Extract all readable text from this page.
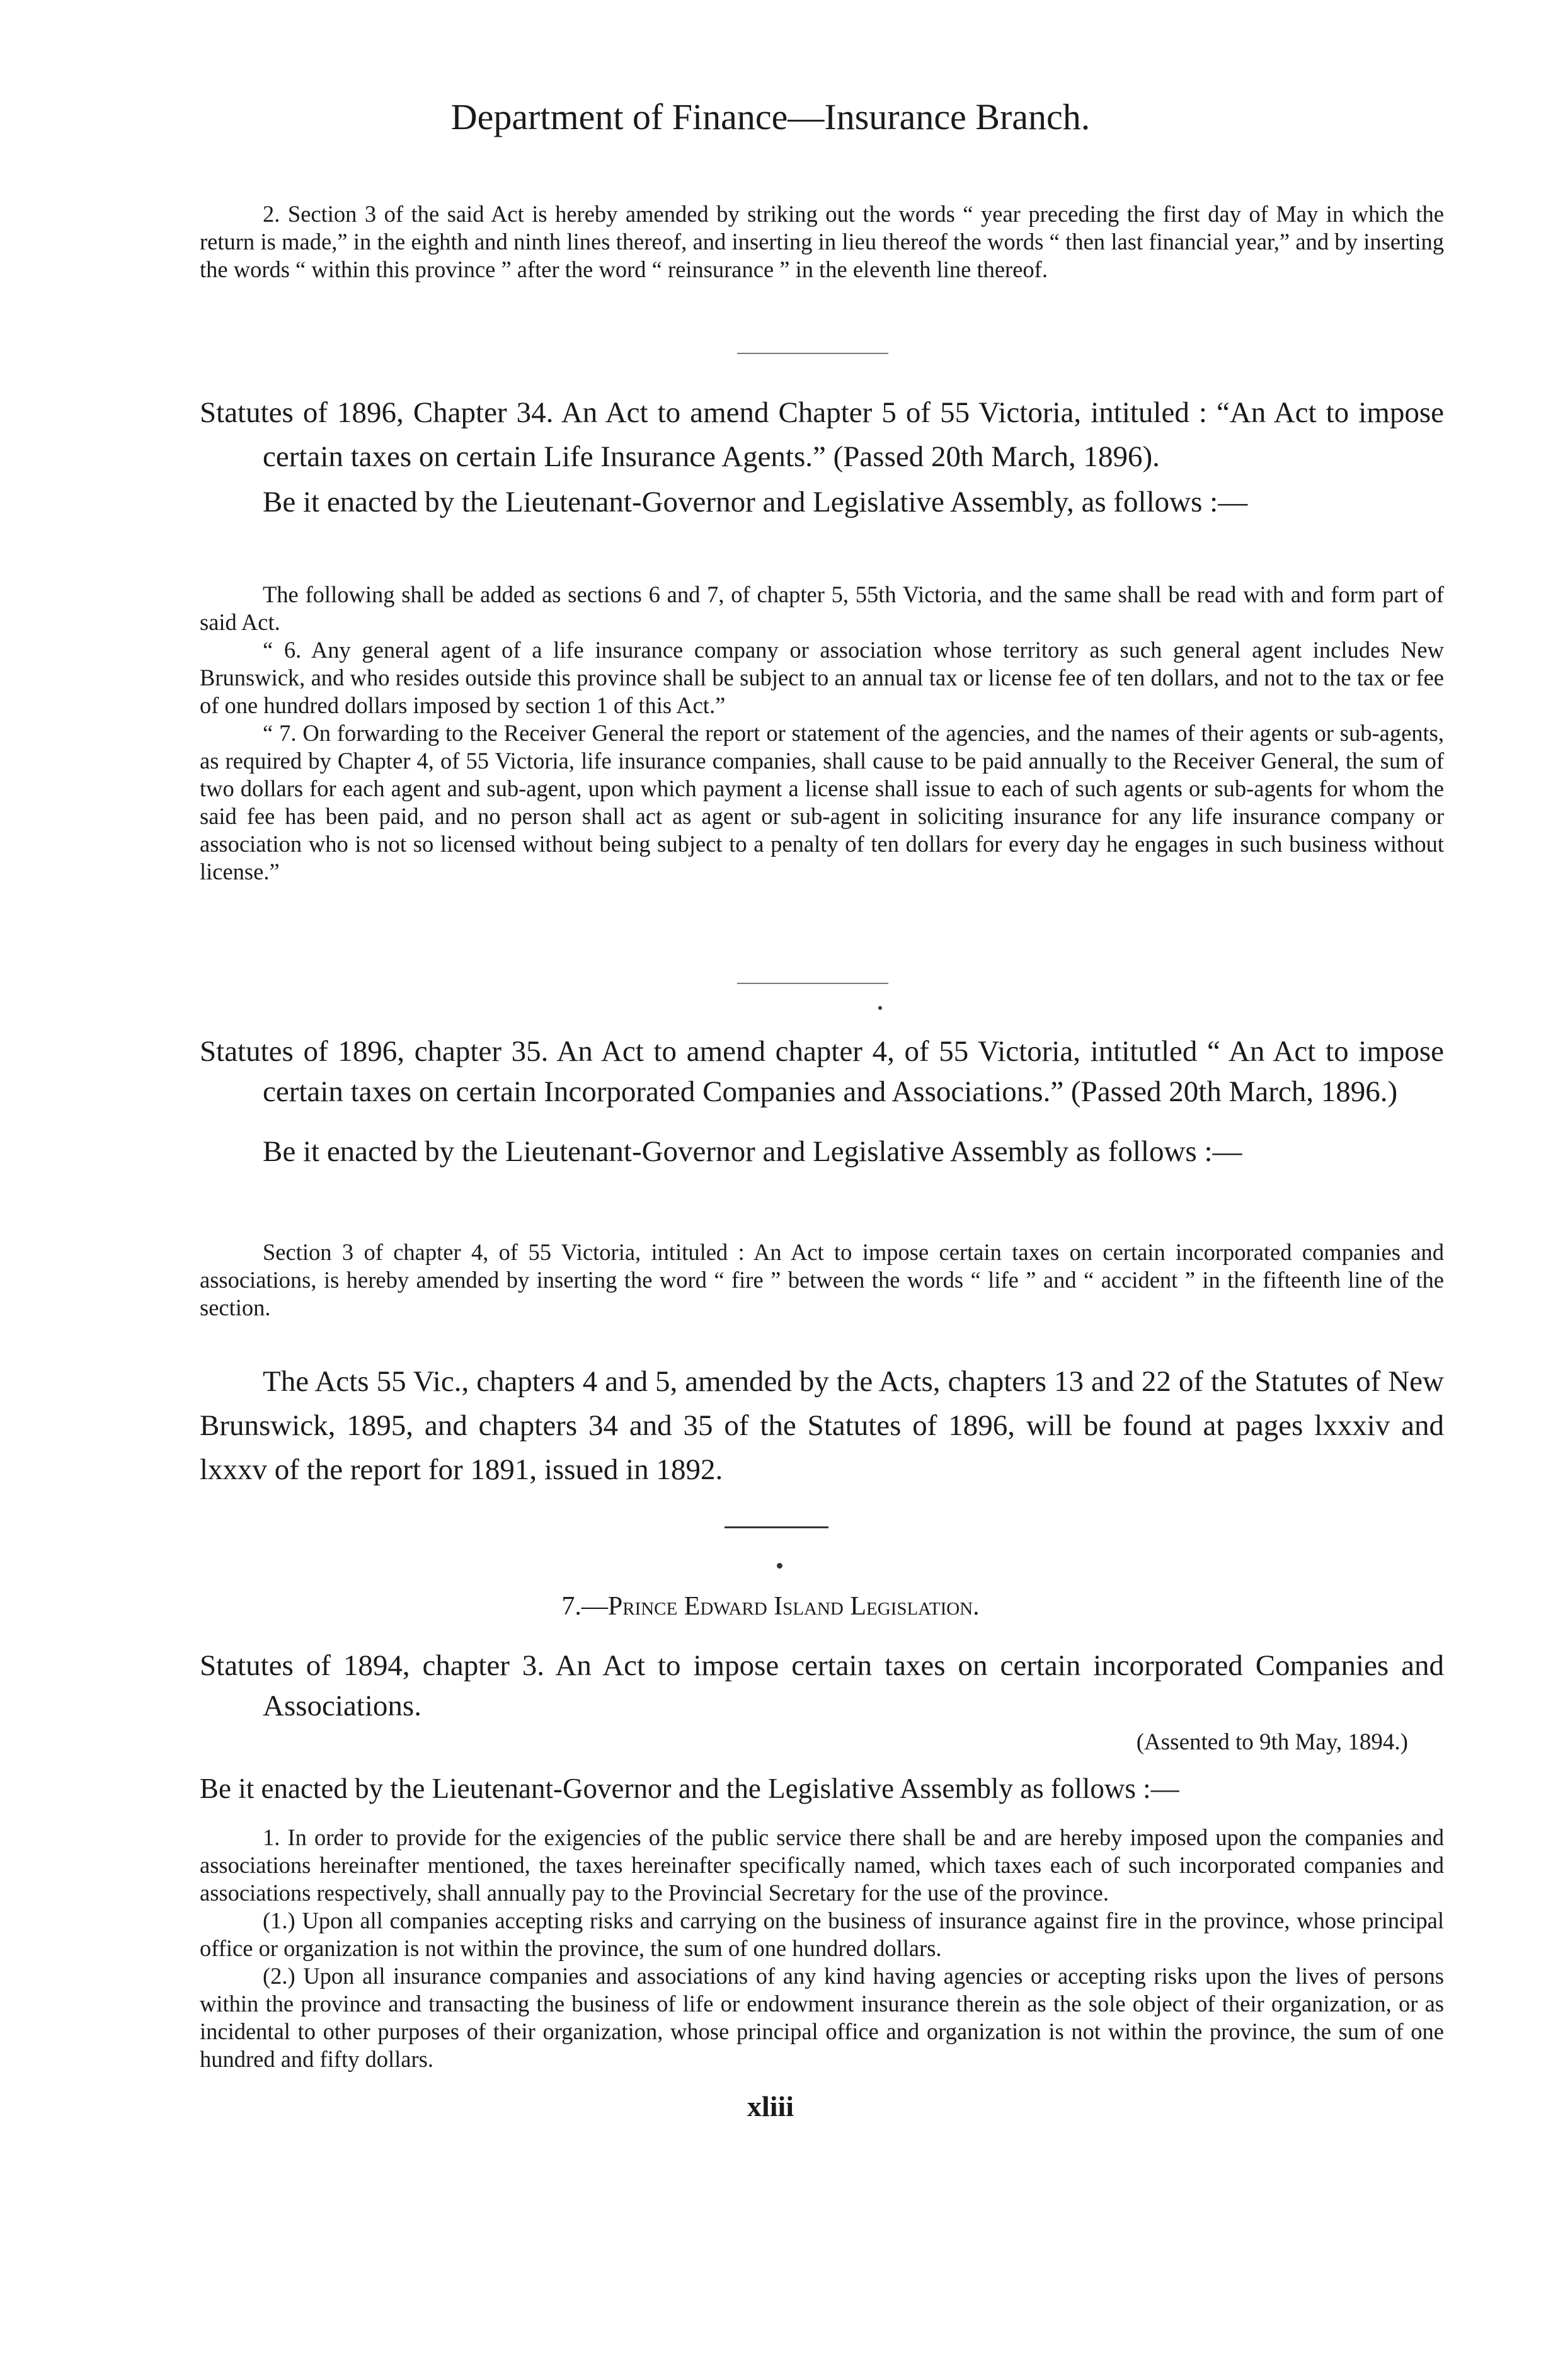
Department of Finance—Insurance Branch.

2. Section 3 of the said Act is hereby amended by striking out the words “ year preceding the first day of May in which the return is made,” in the eighth and ninth lines thereof, and inserting in lieu thereof the words “ then last financial year,” and by inserting the words “ within this province ” after the word “ reinsurance ” in the eleventh line thereof.

Statutes of 1896, Chapter 34. An Act to amend Chapter 5 of 55 Victoria, intituled : “An Act to impose certain taxes on certain Life Insurance Agents.” (Passed 20th March, 1896).

Be it enacted by the Lieutenant-Governor and Legislative Assembly, as follows :—

The following shall be added as sections 6 and 7, of chapter 5, 55th Victoria, and the same shall be read with and form part of said Act.

“ 6. Any general agent of a life insurance company or association whose territory as such general agent includes New Brunswick, and who resides outside this province shall be subject to an annual tax or license fee of ten dollars, and not to the tax or fee of one hundred dollars imposed by section 1 of this Act.”

“ 7. On forwarding to the Receiver General the report or statement of the agencies, and the names of their agents or sub-agents, as required by Chapter 4, of 55 Victoria, life insurance companies, shall cause to be paid annually to the Receiver General, the sum of two dollars for each agent and sub-agent, upon which payment a license shall issue to each of such agents or sub-agents for whom the said fee has been paid, and no person shall act as agent or sub-agent in soliciting insurance for any life insurance company or association who is not so licensed without being subject to a penalty of ten dollars for every day he engages in such business without license.”

Statutes of 1896, chapter 35. An Act to amend chapter 4, of 55 Victoria, intitutled “ An Act to impose certain taxes on certain Incorporated Companies and Associations.” (Passed 20th March, 1896.)

Be it enacted by the Lieutenant-Governor and Legislative Assembly as follows :—

Section 3 of chapter 4, of 55 Victoria, intituled : An Act to impose certain taxes on certain incorporated companies and associations, is hereby amended by inserting the word “ fire ” between the words “ life ” and “ accident ” in the fifteenth line of the section.

The Acts 55 Vic., chapters 4 and 5, amended by the Acts, chapters 13 and 22 of the Statutes of New Brunswick, 1895, and chapters 34 and 35 of the Statutes of 1896, will be found at pages lxxxiv and lxxxv of the report for 1891, issued in 1892.

7.—Prince Edward Island Legislation.

Statutes of 1894, chapter 3. An Act to impose certain taxes on certain incorporated Companies and Associations.

(Assented to 9th May, 1894.)

Be it enacted by the Lieutenant-Governor and the Legislative Assembly as follows :—

1. In order to provide for the exigencies of the public service there shall be and are hereby imposed upon the companies and associations hereinafter mentioned, the taxes hereinafter specifically named, which taxes each of such incorporated companies and associations respectively, shall annually pay to the Provincial Secretary for the use of the province.

(1.) Upon all companies accepting risks and carrying on the business of insurance against fire in the province, whose principal office or organization is not within the province, the sum of one hundred dollars.

(2.) Upon all insurance companies and associations of any kind having agencies or accepting risks upon the lives of persons within the province and transacting the business of life or endowment insurance therein as the sole object of their organization, or as incidental to other purposes of their organization, whose principal office and organization is not within the province, the sum of one hundred and fifty dollars.

xliii
